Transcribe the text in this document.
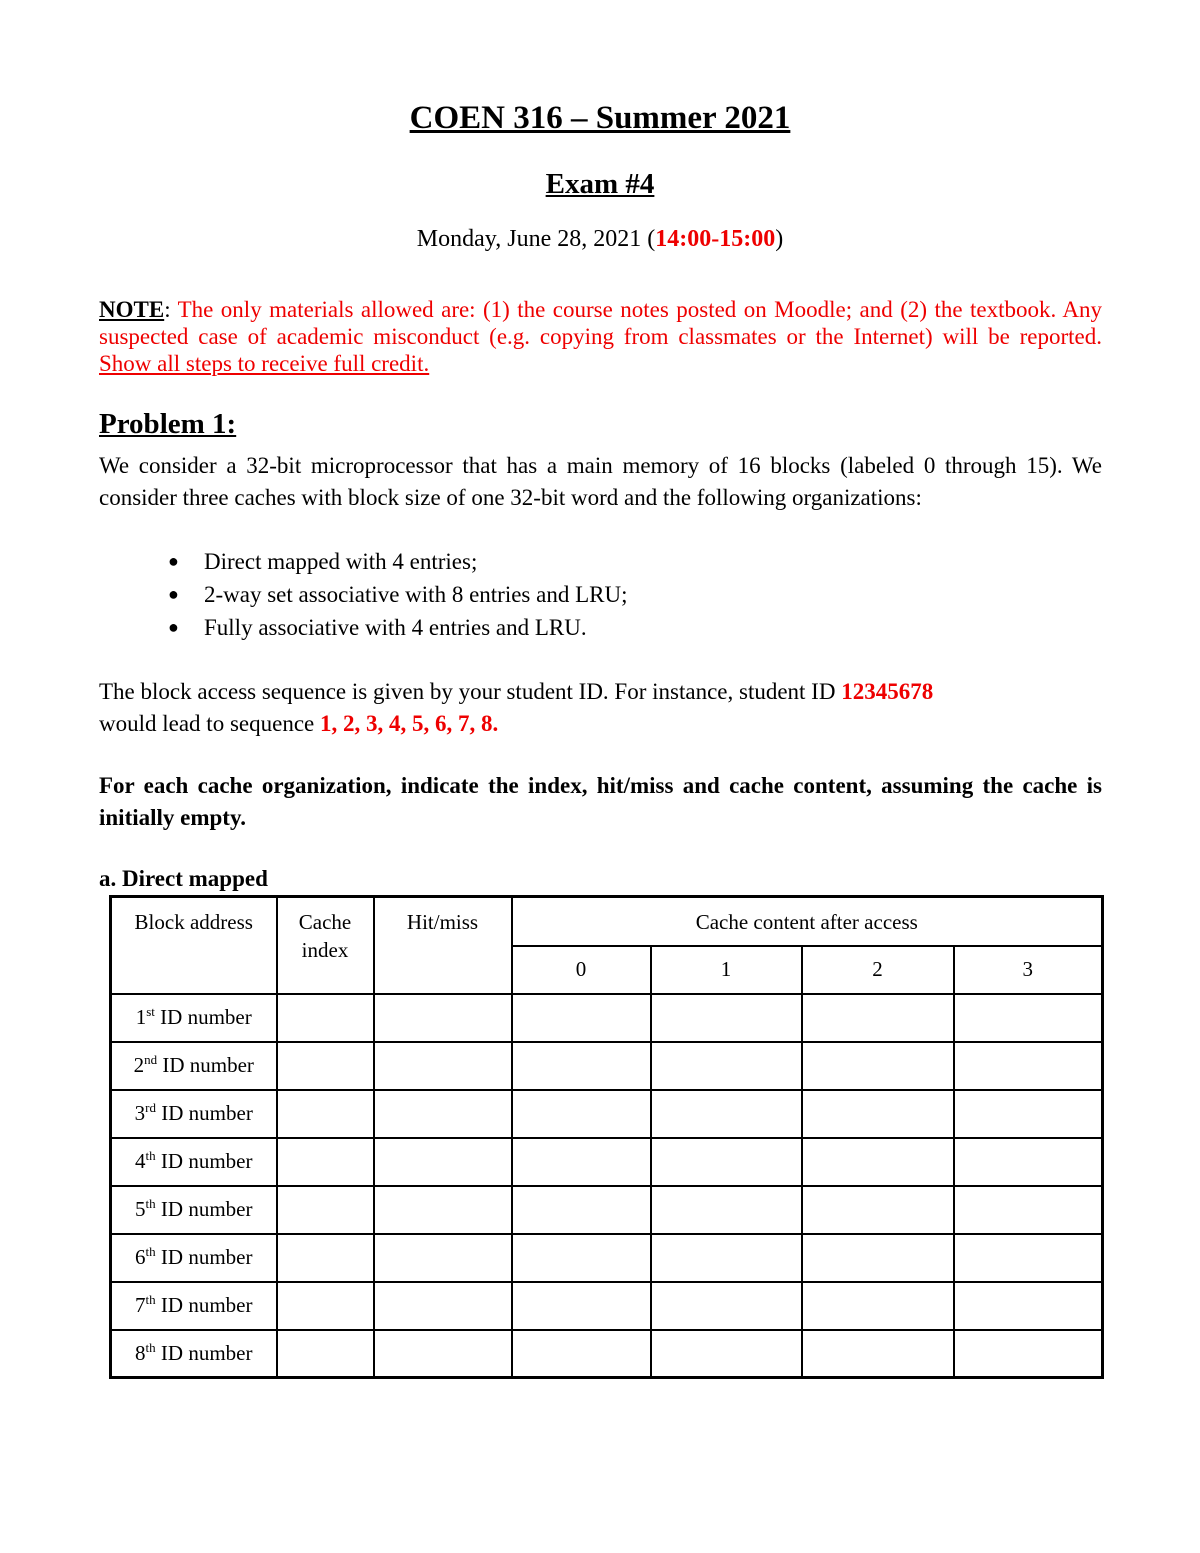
COEN 316 – Summer 2021
Exam #4

Monday, June 28, 2021 (14:00-15:00)

NOTE: The only materials allowed are: (1) the course notes posted on Moodle; and (2) the textbook. Any suspected case of academic misconduct (e.g. copying from classmates or the Internet) will be reported. Show all steps to receive full credit.

Problem 1:

We consider a 32-bit microprocessor that has a main memory of 16 blocks (labeled 0 through 15). We consider three caches with block size of one 32-bit word and the following organizations:

● Direct mapped with 4 entries;
● 2-way set associative with 8 entries and LRU;
● Fully associative with 4 entries and LRU.

The block access sequence is given by your student ID. For instance, student ID 12345678
would lead to sequence 1, 2, 3, 4, 5, 6, 7, 8.

For each cache organization, indicate the index, hit/miss and cache content, assuming the cache is initially empty.

a. Direct mapped

Block address	Cache index	Hit/miss	Cache content after access			
			0	1	2	3
1st ID number						
2nd ID number						
3rd ID number						
4th ID number						
5th ID number						
6th ID number						
7th ID number						
8th ID number						
